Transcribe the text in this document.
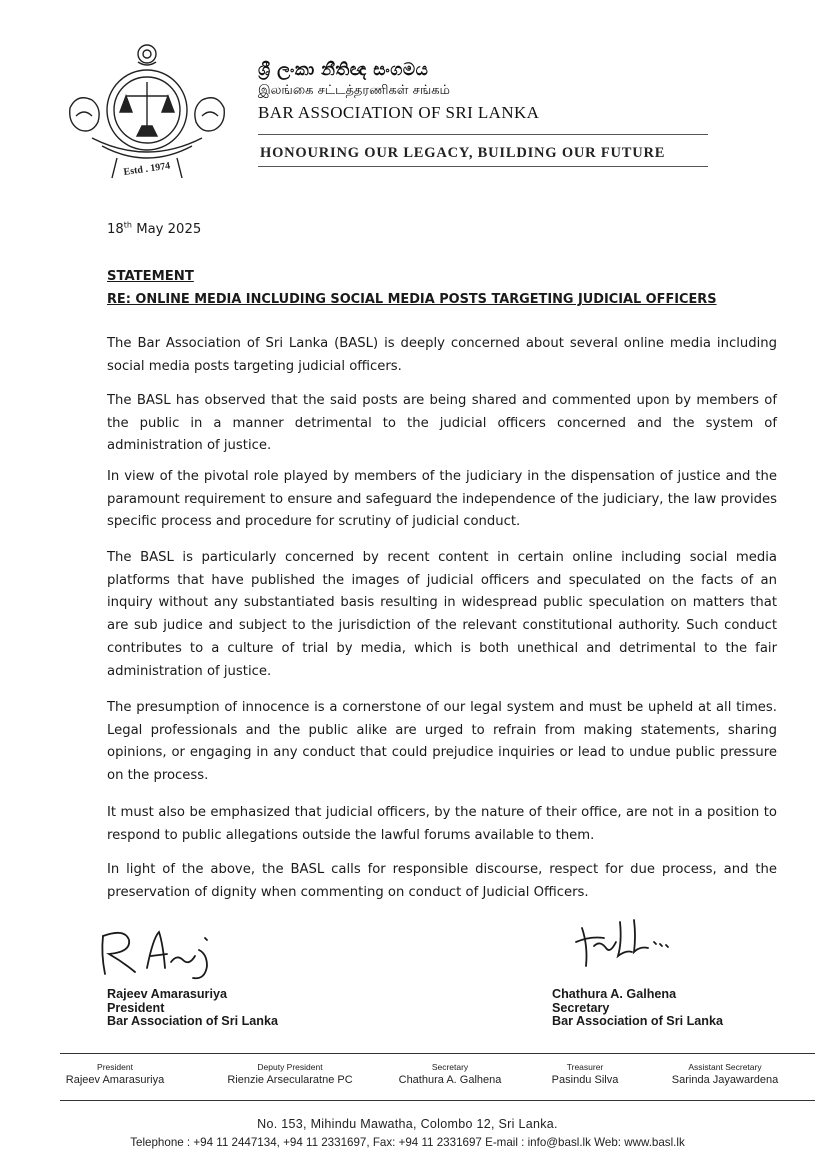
Estd . 1974
ශ්‍රී ලංකා නීතිඥ සංගමය
இலங்கை சட்டத்தரணிகள் சங்கம்
BAR ASSOCIATION OF SRI LANKA
HONOURING OUR LEGACY, BUILDING OUR FUTURE
18th May 2025
STATEMENT
RE: ONLINE MEDIA INCLUDING SOCIAL MEDIA POSTS TARGETING JUDICIAL OFFICERS

The Bar Association of Sri Lanka (BASL) is deeply concerned about several online media including social media posts targeting judicial officers.

The BASL has observed that the said posts are being shared and commented upon by members of the public in a manner detrimental to the judicial officers concerned and the system of administration of justice.

In view of the pivotal role played by members of the judiciary in the dispensation of justice and the paramount requirement to ensure and safeguard the independence of the judiciary, the law provides specific process and procedure for scrutiny of judicial conduct.

The BASL is particularly concerned by recent content in certain online including social media platforms that have published the images of judicial officers and speculated on the facts of an inquiry without any substantiated basis resulting in widespread public speculation on matters that are sub judice and subject to the jurisdiction of the relevant constitutional authority. Such conduct contributes to a culture of trial by media, which is both unethical and detrimental to the fair administration of justice.

The presumption of innocence is a cornerstone of our legal system and must be upheld at all times. Legal professionals and the public alike are urged to refrain from making statements, sharing opinions, or engaging in any conduct that could prejudice inquiries or lead to undue public pressure on the process.

It must also be emphasized that judicial officers, by the nature of their office, are not in a position to respond to public allegations outside the lawful forums available to them.

In light of the above, the BASL calls for responsible discourse, respect for due process, and the preservation of dignity when commenting on conduct of Judicial Officers.

Rajeev Amarasuriya
President
Bar Association of Sri Lanka
Chathura A. Galhena
Secretary
Bar Association of Sri Lanka
President
Rajeev Amarasuriya
Deputy President
Rienzie Arsecularatne PC
Secretary
Chathura A. Galhena
Treasurer
Pasindu Silva
Assistant Secretary
Sarinda Jayawardena
No. 153, Mihindu Mawatha, Colombo 12, Sri Lanka.
Telephone : +94 11 2447134, +94 11 2331697, Fax: +94 11 2331697 E-mail : info@basl.lk Web: www.basl.lk
